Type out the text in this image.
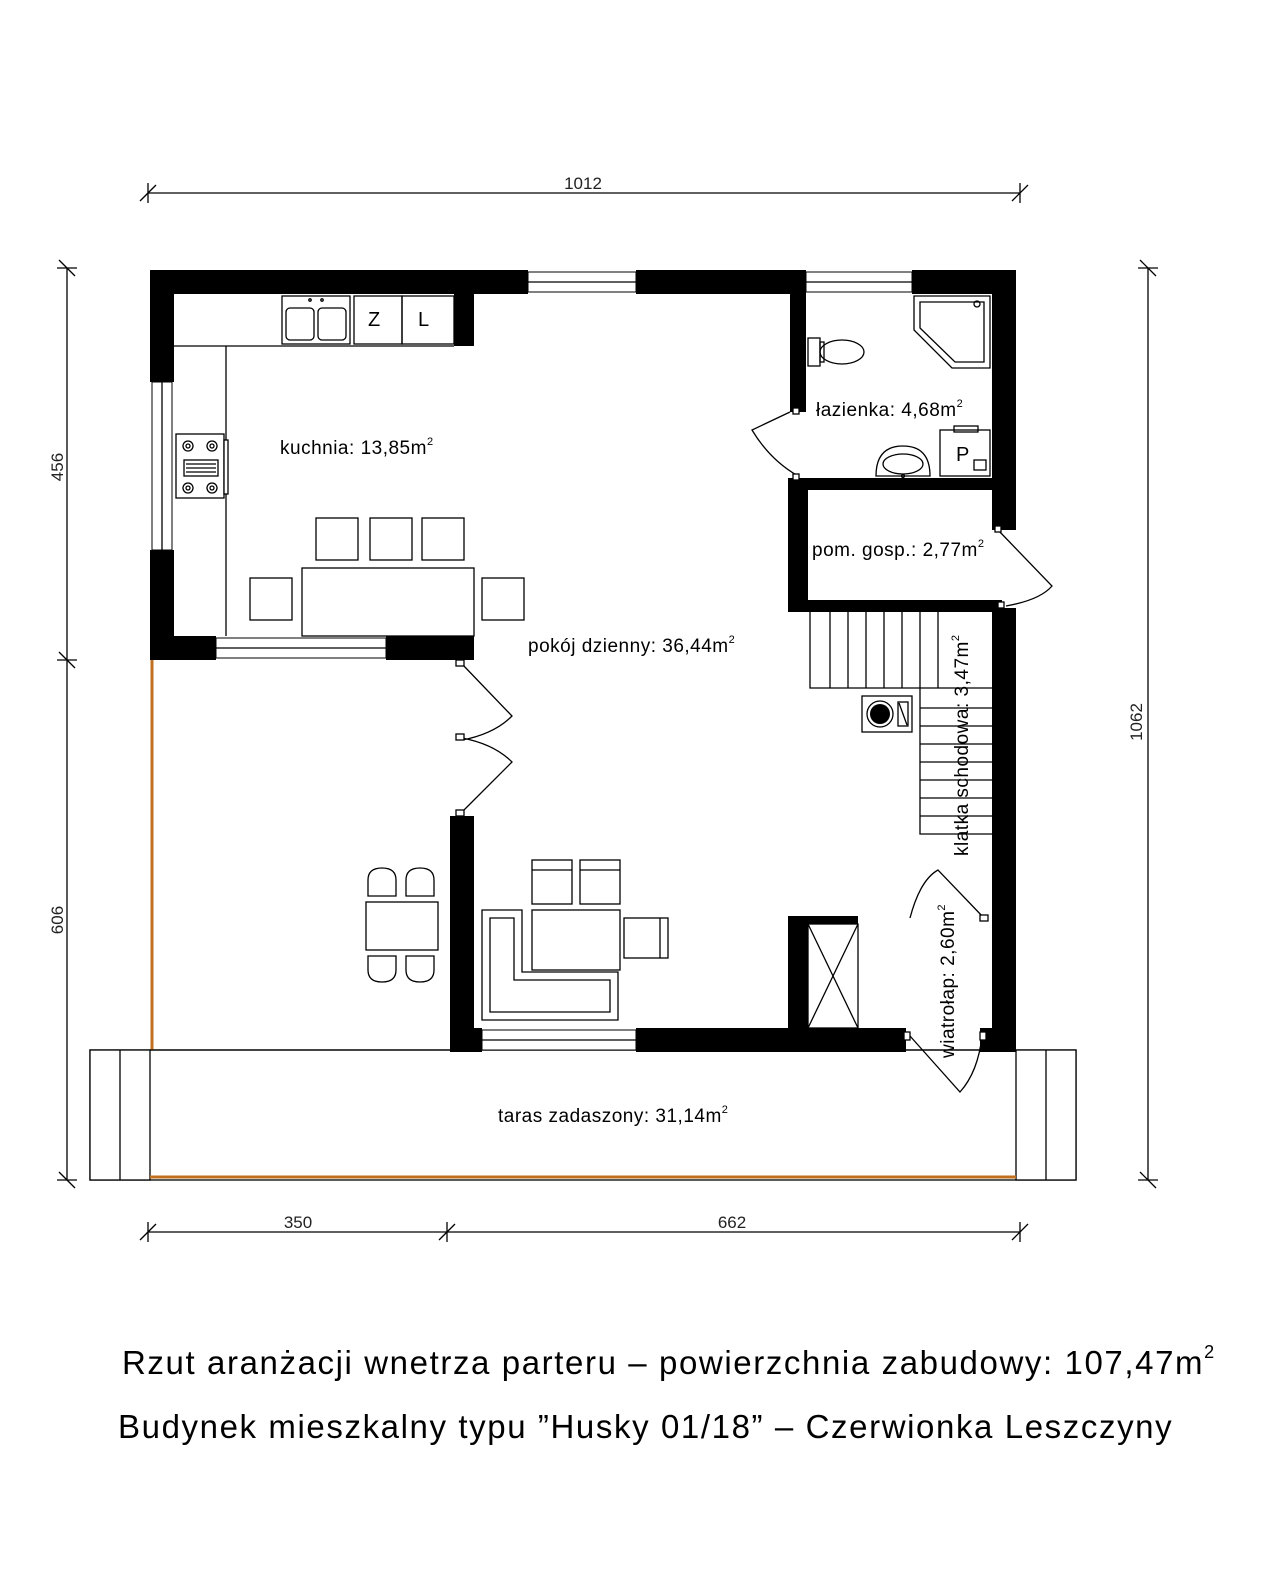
1012
456
606
1062
350	662
Z L
P
kuchnia: $13,85m^2$
łazienka: $4,68m^2$
pom. gosp.: $2,77m^2$
pokój dzienny: $36,44m^2$
klatka schodowa: $3,47m^2$
wiatrołap: $2,60m^2$
taras zadaszony: $31,14m^2$
Rzut aranżacji wnetrza parteru – powierzchnia zabudowy: $107,47m^2$
Budynek mieszkalny typu ”Husky 01/18” – Czerwionka Leszczyny
